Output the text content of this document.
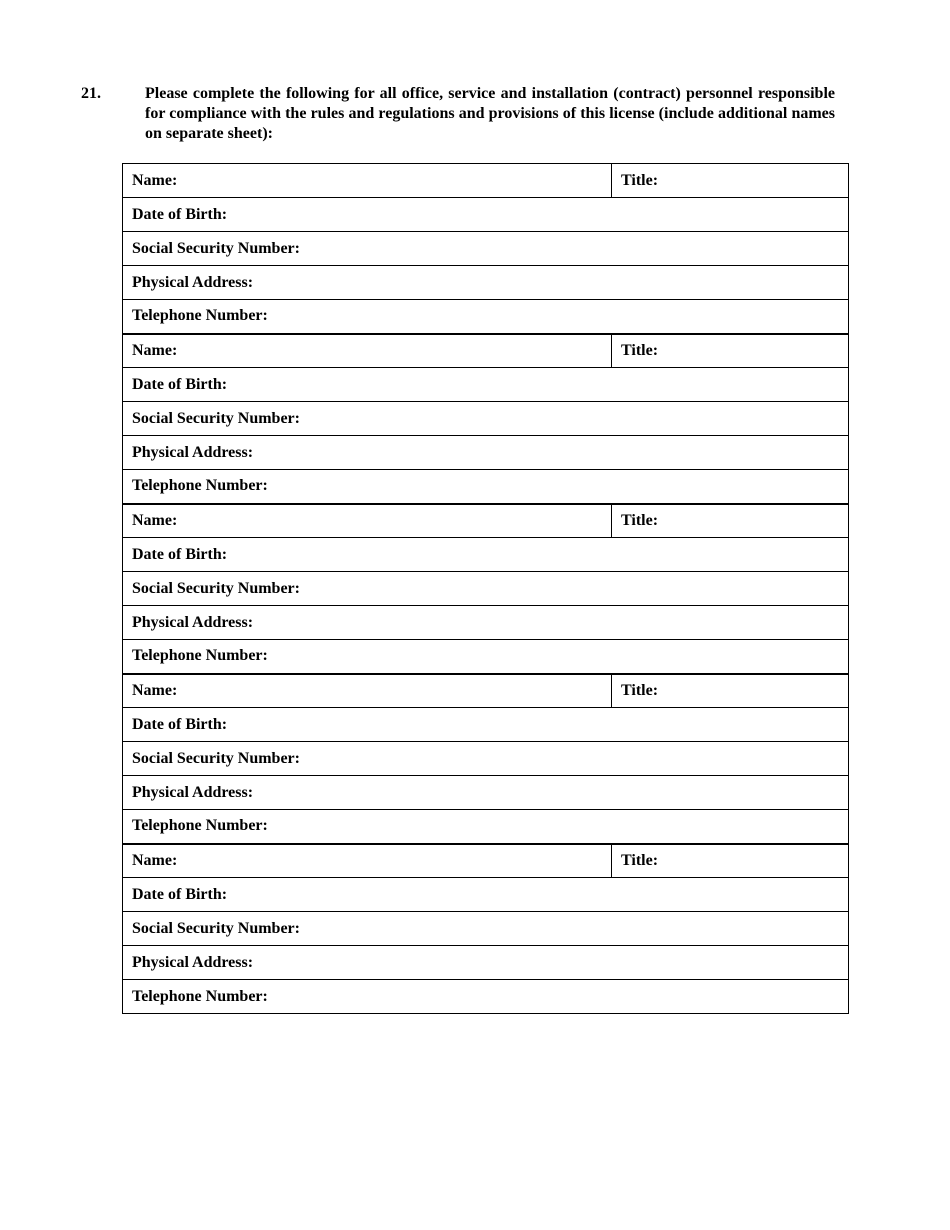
21.	Please complete the following for all office, service and installation (contract) personnel responsible for compliance with the rules and regulations and provisions of this license (include additional names on separate sheet):
Name:	Title:
Date of Birth:	
Social Security Number:	
Physical Address:	
Telephone Number:	
Name:	Title:
Date of Birth:	
Social Security Number:	
Physical Address:	
Telephone Number:	
Name:	Title:
Date of Birth:	
Social Security Number:	
Physical Address:	
Telephone Number:	
Name:	Title:
Date of Birth:	
Social Security Number:	
Physical Address:	
Telephone Number:	
Name:	Title:
Date of Birth:	
Social Security Number:	
Physical Address:	
Telephone Number:	
